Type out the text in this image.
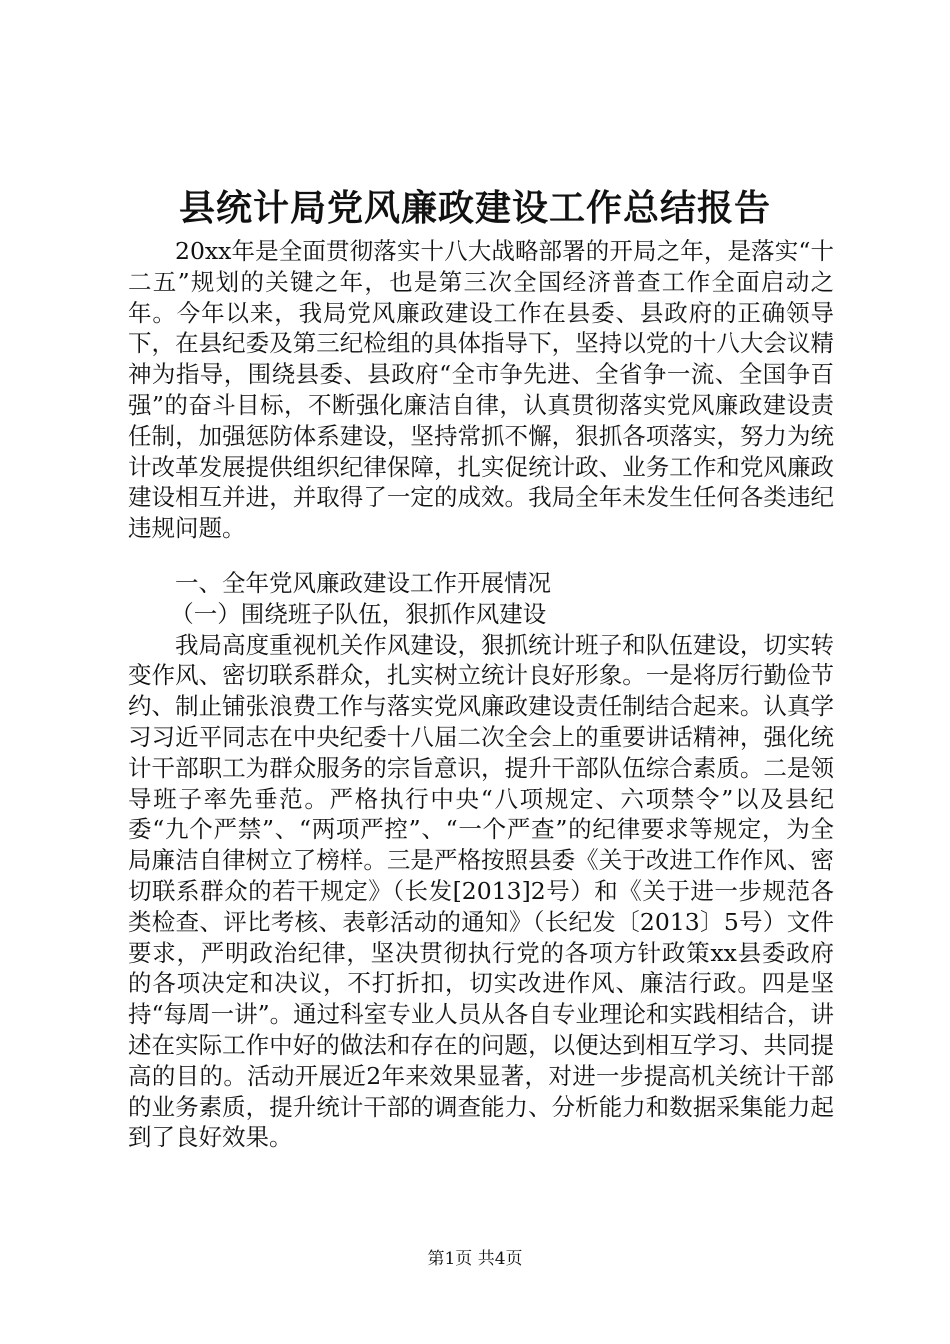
县统计局党风廉政建设工作总结报告

20xx年是全面贯彻落实十八大战略部署的开局之年，是落实“十二五”规划的关键之年，也是第三次全国经济普查工作全面启动之年。今年以来，我局党风廉政建设工作在县委、县政府的正确领导下，在县纪委及第三纪检组的具体指导下，坚持以党的十八大会议精神为指导，围绕县委、县政府“全市争先进、全省争一流、全国争百强”的奋斗目标，不断强化廉洁自律，认真贯彻落实党风廉政建设责任制，加强惩防体系建设，坚持常抓不懈，狠抓各项落实，努力为统计改革发展提供组织纪律保障，扎实促统计政、业务工作和党风廉政建设相互并进，并取得了一定的成效。我局全年未发生任何各类违纪违规问题。

一、全年党风廉政建设工作开展情况

（一）围绕班子队伍，狠抓作风建设

我局高度重视机关作风建设，狠抓统计班子和队伍建设，切实转变作风、密切联系群众，扎实树立统计良好形象。一是将厉行勤俭节约、制止铺张浪费工作与落实党风廉政建设责任制结合起来。认真学习习近平同志在中央纪委十八届二次全会上的重要讲话精神，强化统计干部职工为群众服务的宗旨意识，提升干部队伍综合素质。二是领导班子率先垂范。严格执行中央“八项规定、六项禁令”以及县纪委“九个严禁”、“两项严控”、“一个严查”的纪律要求等规定，为全局廉洁自律树立了榜样。三是严格按照县委《关于改进工作作风、密切联系群众的若干规定》（长发[2013]2号）和《关于进一步规范各类检查、评比考核、表彰活动的通知》（长纪发〔2013〕5号）文件要求，严明政治纪律，坚决贯彻执行党的各项方针政策xx县委政府的各项决定和决议，不打折扣，切实改进作风、廉洁行政。四是坚持“每周一讲”。通过科室专业人员从各自专业理论和实践相结合，讲述在实际工作中好的做法和存在的问题，以便达到相互学习、共同提高的目的。活动开展近2年来效果显著，对进一步提高机关统计干部的业务素质，提升统计干部的调查能力、分析能力和数据采集能力起到了良好效果。

第1页 共4页
